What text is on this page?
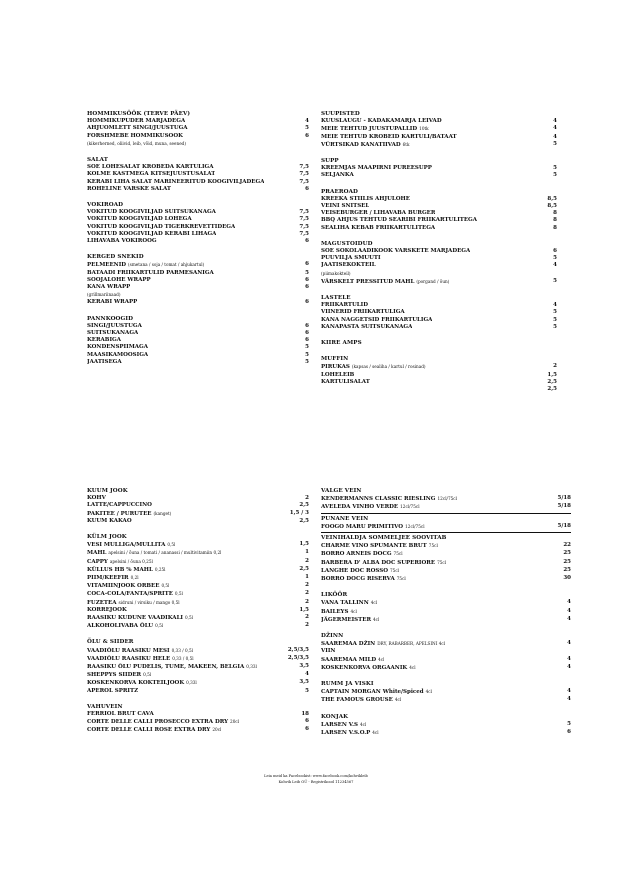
HOMMIKUSÖÖK (TERVE PÄEV)
HOMMIKUPUDER MARJADEGA	4
AHJUOMLETT SINGI/JUUSTUGA	5
FORSHMEBE HOMMIKUSÖÖK	6
(kikerherned, oliivid, leib, võid, muna, seened)
SALAT
SOE LÕHESALAT KRÕBEDA KARTULIGA	7,5
KOLME KASTMEGA KITSEJUUSTUSALAT	7,5
KERABI LIHA SALAT MARINEERITUD KÖÖGIVILJADEGA	7,5
ROHELINE VÄRSKE SALAT	6
VOKIROAD
VOKITUD KÖÖGIVILJAD SUITSUKANAGA	7,5
VOKITUD KÖÖGIVILJAD LÕHEGA	7,5
VOKITUD KÖÖGIVILJAD TIGERKREVETTIDEGA	7,5
VOKITUD KÖÖGIVILJAD KERABI LIHAGA	7,5
LIHAVABA VOKIROOG	6
KERGED SNEKID
PELMEENID (smetana / soja / tomat / ahjukartul)	6
BATAADI FRIIKARTULID PARMESANIGA	5
SOOJALÕHE WRAPP	6
KANA WRAPP	6
(grillmariinaad)
KERABI WRAPP	6
PANNKOOGID
SINGI/JUUSTUGA	6
SUITSUKANAGA	6
KERABIGA	6
KONDENSPIIMAGA	5
MAASIKAMOOSIGA	5
JÄÄTISEGA	5
SUUPISTED
KÜÜSLAUGU - KADAKAMARJA LEIVAD	4
MEIE TEHTUD JUUSTUPALLID 10tk	4
MEIE TEHTUD KRÕBEID KARTULI/BATAAT	4
VÜRTSIKAD KANATIIVAD 6tk	5
SUPP
KREEMJAS MAAPIRNI PÜREESUPP	5
SELJANKA	5
PRAEROAD
KREEKA STIILIS AHJULÕHE	8,5
VEINI ŠNITSEL	8,5
VEISEBURGER / LIHAVABA BURGER	8
BBQ AHJUS TEHTUD SEARIBI FRIIKARTULITEGA	8
SEALIHA KEBAB FRIIKARTULITEGA	8
MAGUSTOIDUD
SOE ŠOKOLAADIKOOK VÄRSKETE MARJADEGA	6
PUUVILJA SMUUTI	5
JÄÄTISEKOKTEIL	4
(piimakokteil)
VÄRSKELT PRESSITUD MAHL (porgand / õun)	5
LASTELE
FRIIKARTULID	4
VIINERID FRIIKARTULIGA	5
KANA NAGGETSID FRIIKARTULIGA	5
KANAPASTA SUITSUKANAGA	5
KIIRE AMPS
MUFFIN
PIRUKAS (kapsas / sealiha / kartul / rosinad)	2
LÕHELEIB	1,5
KARTULISALAT	2,5
2,5
KUUM JOOK
KOHV	2
LATTE/CAPPUCCINO	2,5
PAKITEE / PURUTEE (kanget)	1,5 / 3
KUUM KAKAO	2,5
KÜLM JOOK
VESI MULLIGA/MULLITA 0,5l	1,5
MAHL apelsini / õuna / tomati / ananassi / multivitamiin 0,2l	1
CAPPY apelsini / õuna 0,25l	2
KÜLLUS HB % MAHL 0,25l	2,5
PIIM/KEEFIR 0,2l	1
VITAMIINJOOK ORBEE 0,5l	2
COCA-COLA/FANTA/SPRITE 0,5l	2
FUZETEA sidruni / virsiku / mango 0,5l	2
KÖRREJOOK	1,5
RAASIKU KUDUNE VAADIKALI 0,5l	2
ALKOHOLIVABA ÕLU 0,5l	2
ÕLU & SIIDER
VAADIÕLU RAASIKU MESI 0,33 / 0,5l	2,5/3,5
VAADIÕLU RAASIKU HELE 0,33 / 0,5l	2,5/3,5
RAASIKU ÕLU PUDELIS, TUME, MAKEEN, BELGIA 0,33l	3,5
SHEPPYS SIIDER 0,5l	4
KOSKENKORVA KOKTEILJOOK 0,33l	3,5
APEROL SPRITZ	5
VAHUVEIN
FERRIOL BRUT CAVA	18
CORTE DELLE CALLI PROSECCO EXTRA DRY 20cl	6
CORTE DELLE CALLI ROSE EXTRA DRY 20cl	6
VALGE VEIN
KENDERMANNS CLASSIC RIESLING 12cl/75cl	5/18
AVELEDA VINHO VERDE 12cl/75cl	5/18
PUNANE VEIN
FOOGO MARU PRIMITIVO 12cl/75cl	5/18
VEINIHALDJA SOMMELJEE SOOVITAB
CHARME VINO SPUMANTE BRUT 75cl	22
BORRO ARNEIS DOCG 75cl	25
BARBERA D' ALBA DOC SUPERIORE 75cl	25
LANGHE DOC ROSSO 75cl	25
BORRO DOCG RISERVA 75cl	30
LIKÖÖR
VANA TALLINN 4cl	4
BAILEYS 4cl	4
JÄGERMEISTER 4cl	4
DŽINN
SAAREMAA DŽIN DRY, RABARBER, APELSINI 4cl	4
VIIN
SAAREMAA MILD 4cl	4
KOSKENKORVA ORGAANIK 4cl	4
RUMM JA VISKI
CAPTAIN MORGAN White/Spiced 4cl	4
THE FAMOUS GROUSE 4cl	4
KONJAK
LARSEN V.S 4cl	5
LARSEN V.S.O.P 4cl	6
Leia meid ka Facebookist: www.facebook.com/kohvikleib
Kohvik Leib OÜ - Registrikood 11234567
